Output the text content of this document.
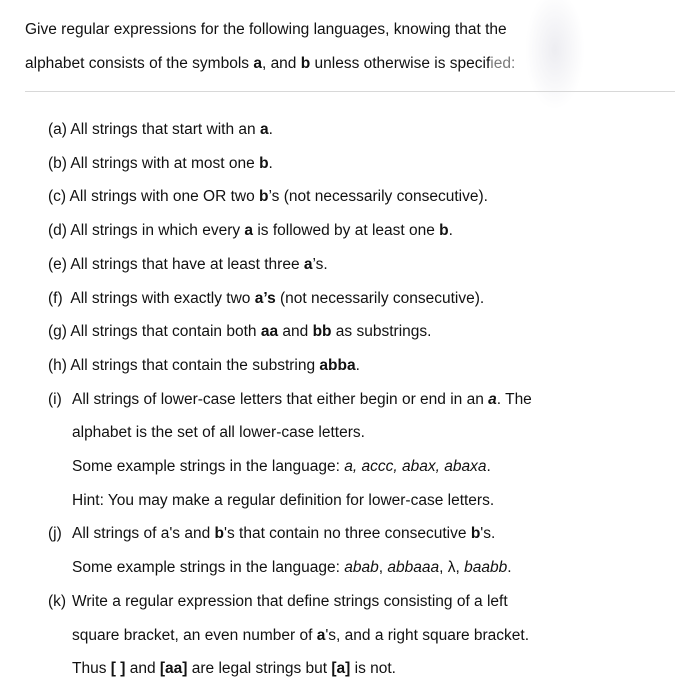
Give regular expressions for the following languages, knowing that the
alphabet consists of the symbols a, and b unless otherwise is specified:
(a) All strings that start with an a.
(b) All strings with at most one b.
(c) All strings with one OR two b’s (not necessarily consecutive).
(d) All strings in which every a is followed by at least one b.
(e) All strings that have at least three a’s.
(f)  All strings with exactly two a’s (not necessarily consecutive).
(g) All strings that contain both aa and bb as substrings.
(h) All strings that contain the substring abba.
(i) All strings of lower-case letters that either begin or end in an a. The
alphabet is the set of all lower-case letters.
Some example strings in the language: a, accc, abax, abaxa.
Hint: You may make a regular definition for lower-case letters.
(j) All strings of a's and b's that contain no three consecutive b's.
Some example strings in the language: abab, abbaaa, λ, baabb.
(k) Write a regular expression that define strings consisting of a left
square bracket, an even number of a's, and a right square bracket.
Thus [ ] and [aa] are legal strings but [a] is not.
